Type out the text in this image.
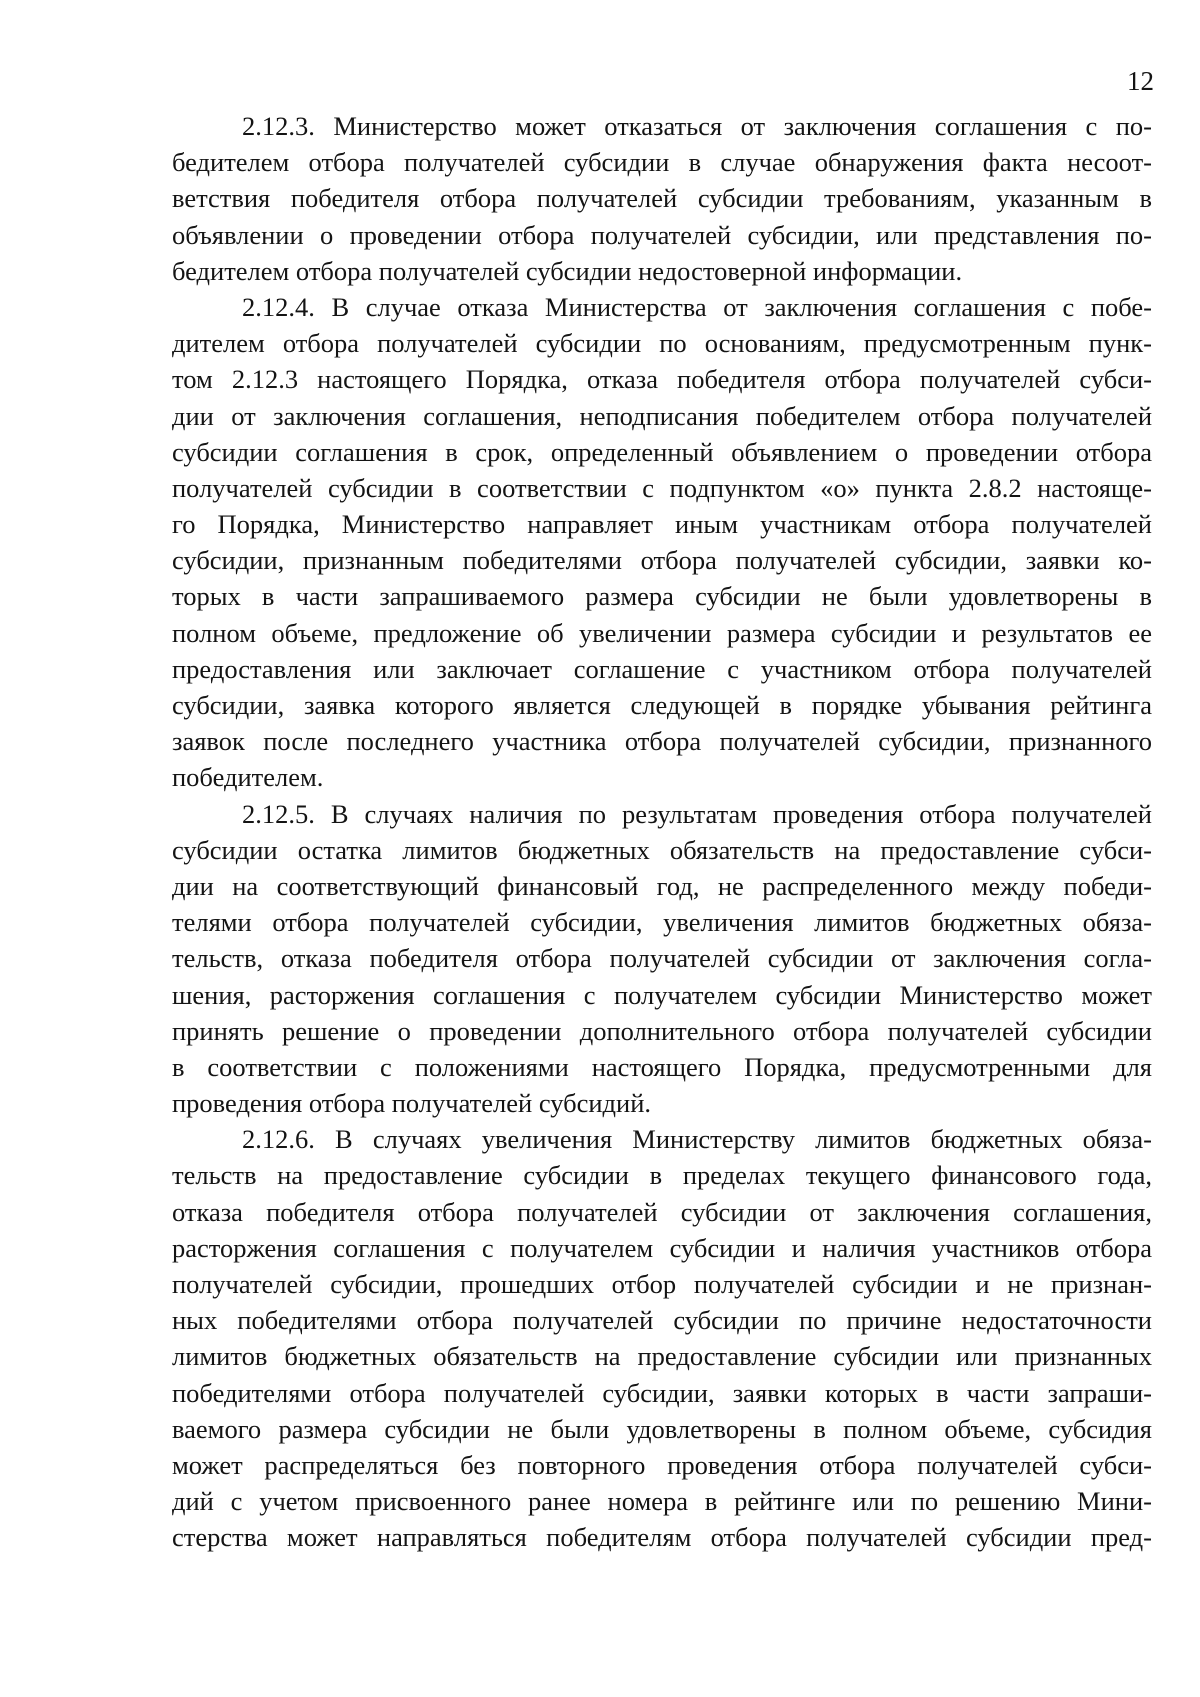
12
2.12.3. Министерство может отказаться от заключения соглашения с по-
бедителем отбора получателей субсидии в случае обнаружения факта несоот-
ветствия победителя отбора получателей субсидии требованиям, указанным в
объявлении о проведении отбора получателей субсидии, или представления по-
бедителем отбора получателей субсидии недостоверной информации.
2.12.4. В случае отказа Министерства от заключения соглашения с побе-
дителем отбора получателей субсидии по основаниям, предусмотренным пунк-
том 2.12.3 настоящего Порядка, отказа победителя отбора получателей субси-
дии от заключения соглашения, неподписания победителем отбора получателей
субсидии соглашения в срок, определенный объявлением о проведении отбора
получателей субсидии в соответствии с подпунктом «о» пункта 2.8.2 настояще-
го Порядка, Министерство направляет иным участникам отбора получателей
субсидии, признанным победителями отбора получателей субсидии, заявки ко-
торых в части запрашиваемого размера субсидии не были удовлетворены в
полном объеме, предложение об увеличении размера субсидии и результатов ее
предоставления или заключает соглашение с участником отбора получателей
субсидии, заявка которого является следующей в порядке убывания рейтинга
заявок после последнего участника отбора получателей субсидии, признанного
победителем.
2.12.5. В случаях наличия по результатам проведения отбора получателей
субсидии остатка лимитов бюджетных обязательств на предоставление субси-
дии на соответствующий финансовый год, не распределенного между победи-
телями отбора получателей субсидии, увеличения лимитов бюджетных обяза-
тельств, отказа победителя отбора получателей субсидии от заключения согла-
шения, расторжения соглашения с получателем субсидии Министерство может
принять решение о проведении дополнительного отбора получателей субсидии
в соответствии с положениями настоящего Порядка, предусмотренными для
проведения отбора получателей субсидий.
2.12.6. В случаях увеличения Министерству лимитов бюджетных обяза-
тельств на предоставление субсидии в пределах текущего финансового года,
отказа победителя отбора получателей субсидии от заключения соглашения,
расторжения соглашения с получателем субсидии и наличия участников отбора
получателей субсидии, прошедших отбор получателей субсидии и не признан-
ных победителями отбора получателей субсидии по причине недостаточности
лимитов бюджетных обязательств на предоставление субсидии или признанных
победителями отбора получателей субсидии, заявки которых в части запраши-
ваемого размера субсидии не были удовлетворены в полном объеме, субсидия
может распределяться без повторного проведения отбора получателей субси-
дий с учетом присвоенного ранее номера в рейтинге или по решению Мини-
стерства может направляться победителям отбора получателей субсидии пред-
